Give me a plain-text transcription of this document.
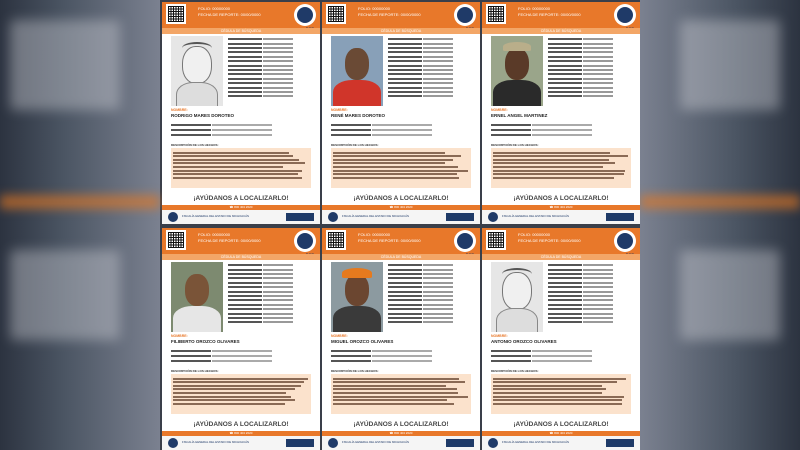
FOLIO: 00000000
FECHA DE REPORTE: 00/00/0000
CÉDULA DE BÚSQUEDA

NOMBRE:
RODRIGO MARES DOROTEO

DESCRIPCIÓN DE LOS HECHOS:
¡AYÚDANOS A LOCALIZARLO!
☎ 800 404 2020
FISCALÍA GENERAL DEL ESTADO DE MICHOACÁN
FOLIO: 00000000
FECHA DE REPORTE: 00/00/0000
CÉDULA DE BÚSQUEDA

NOMBRE:
RENÉ MARES DOROTEO

DESCRIPCIÓN DE LOS HECHOS:
¡AYÚDANOS A LOCALIZARLO!
☎ 800 404 2020
FISCALÍA GENERAL DEL ESTADO DE MICHOACÁN
FOLIO: 00000000
FECHA DE REPORTE: 00/00/0000
CÉDULA DE BÚSQUEDA

NOMBRE:
ERNEL ANGEL MARTINEZ

DESCRIPCIÓN DE LOS HECHOS:
¡AYÚDANOS A LOCALIZARLO!
☎ 800 404 2020
FISCALÍA GENERAL DEL ESTADO DE MICHOACÁN
FOLIO: 00000000
FECHA DE REPORTE: 00/00/0000
CÉDULA DE BÚSQUEDA

NOMBRE:
FILIBERTO OROZCO OLIVARES

DESCRIPCIÓN DE LOS HECHOS:
¡AYÚDANOS A LOCALIZARLO!
☎ 800 404 2020
FISCALÍA GENERAL DEL ESTADO DE MICHOACÁN
FOLIO: 00000000
FECHA DE REPORTE: 00/00/0000
CÉDULA DE BÚSQUEDA

NOMBRE:
MIGUEL OROZCO OLIVARES

DESCRIPCIÓN DE LOS HECHOS:
¡AYÚDANOS A LOCALIZARLO!
☎ 800 404 2020
FISCALÍA GENERAL DEL ESTADO DE MICHOACÁN
FOLIO: 00000000
FECHA DE REPORTE: 00/00/0000
CÉDULA DE BÚSQUEDA

NOMBRE:
ANTONIO OROZCO OLIVARES

DESCRIPCIÓN DE LOS HECHOS:
¡AYÚDANOS A LOCALIZARLO!
☎ 800 404 2020
FISCALÍA GENERAL DEL ESTADO DE MICHOACÁN
